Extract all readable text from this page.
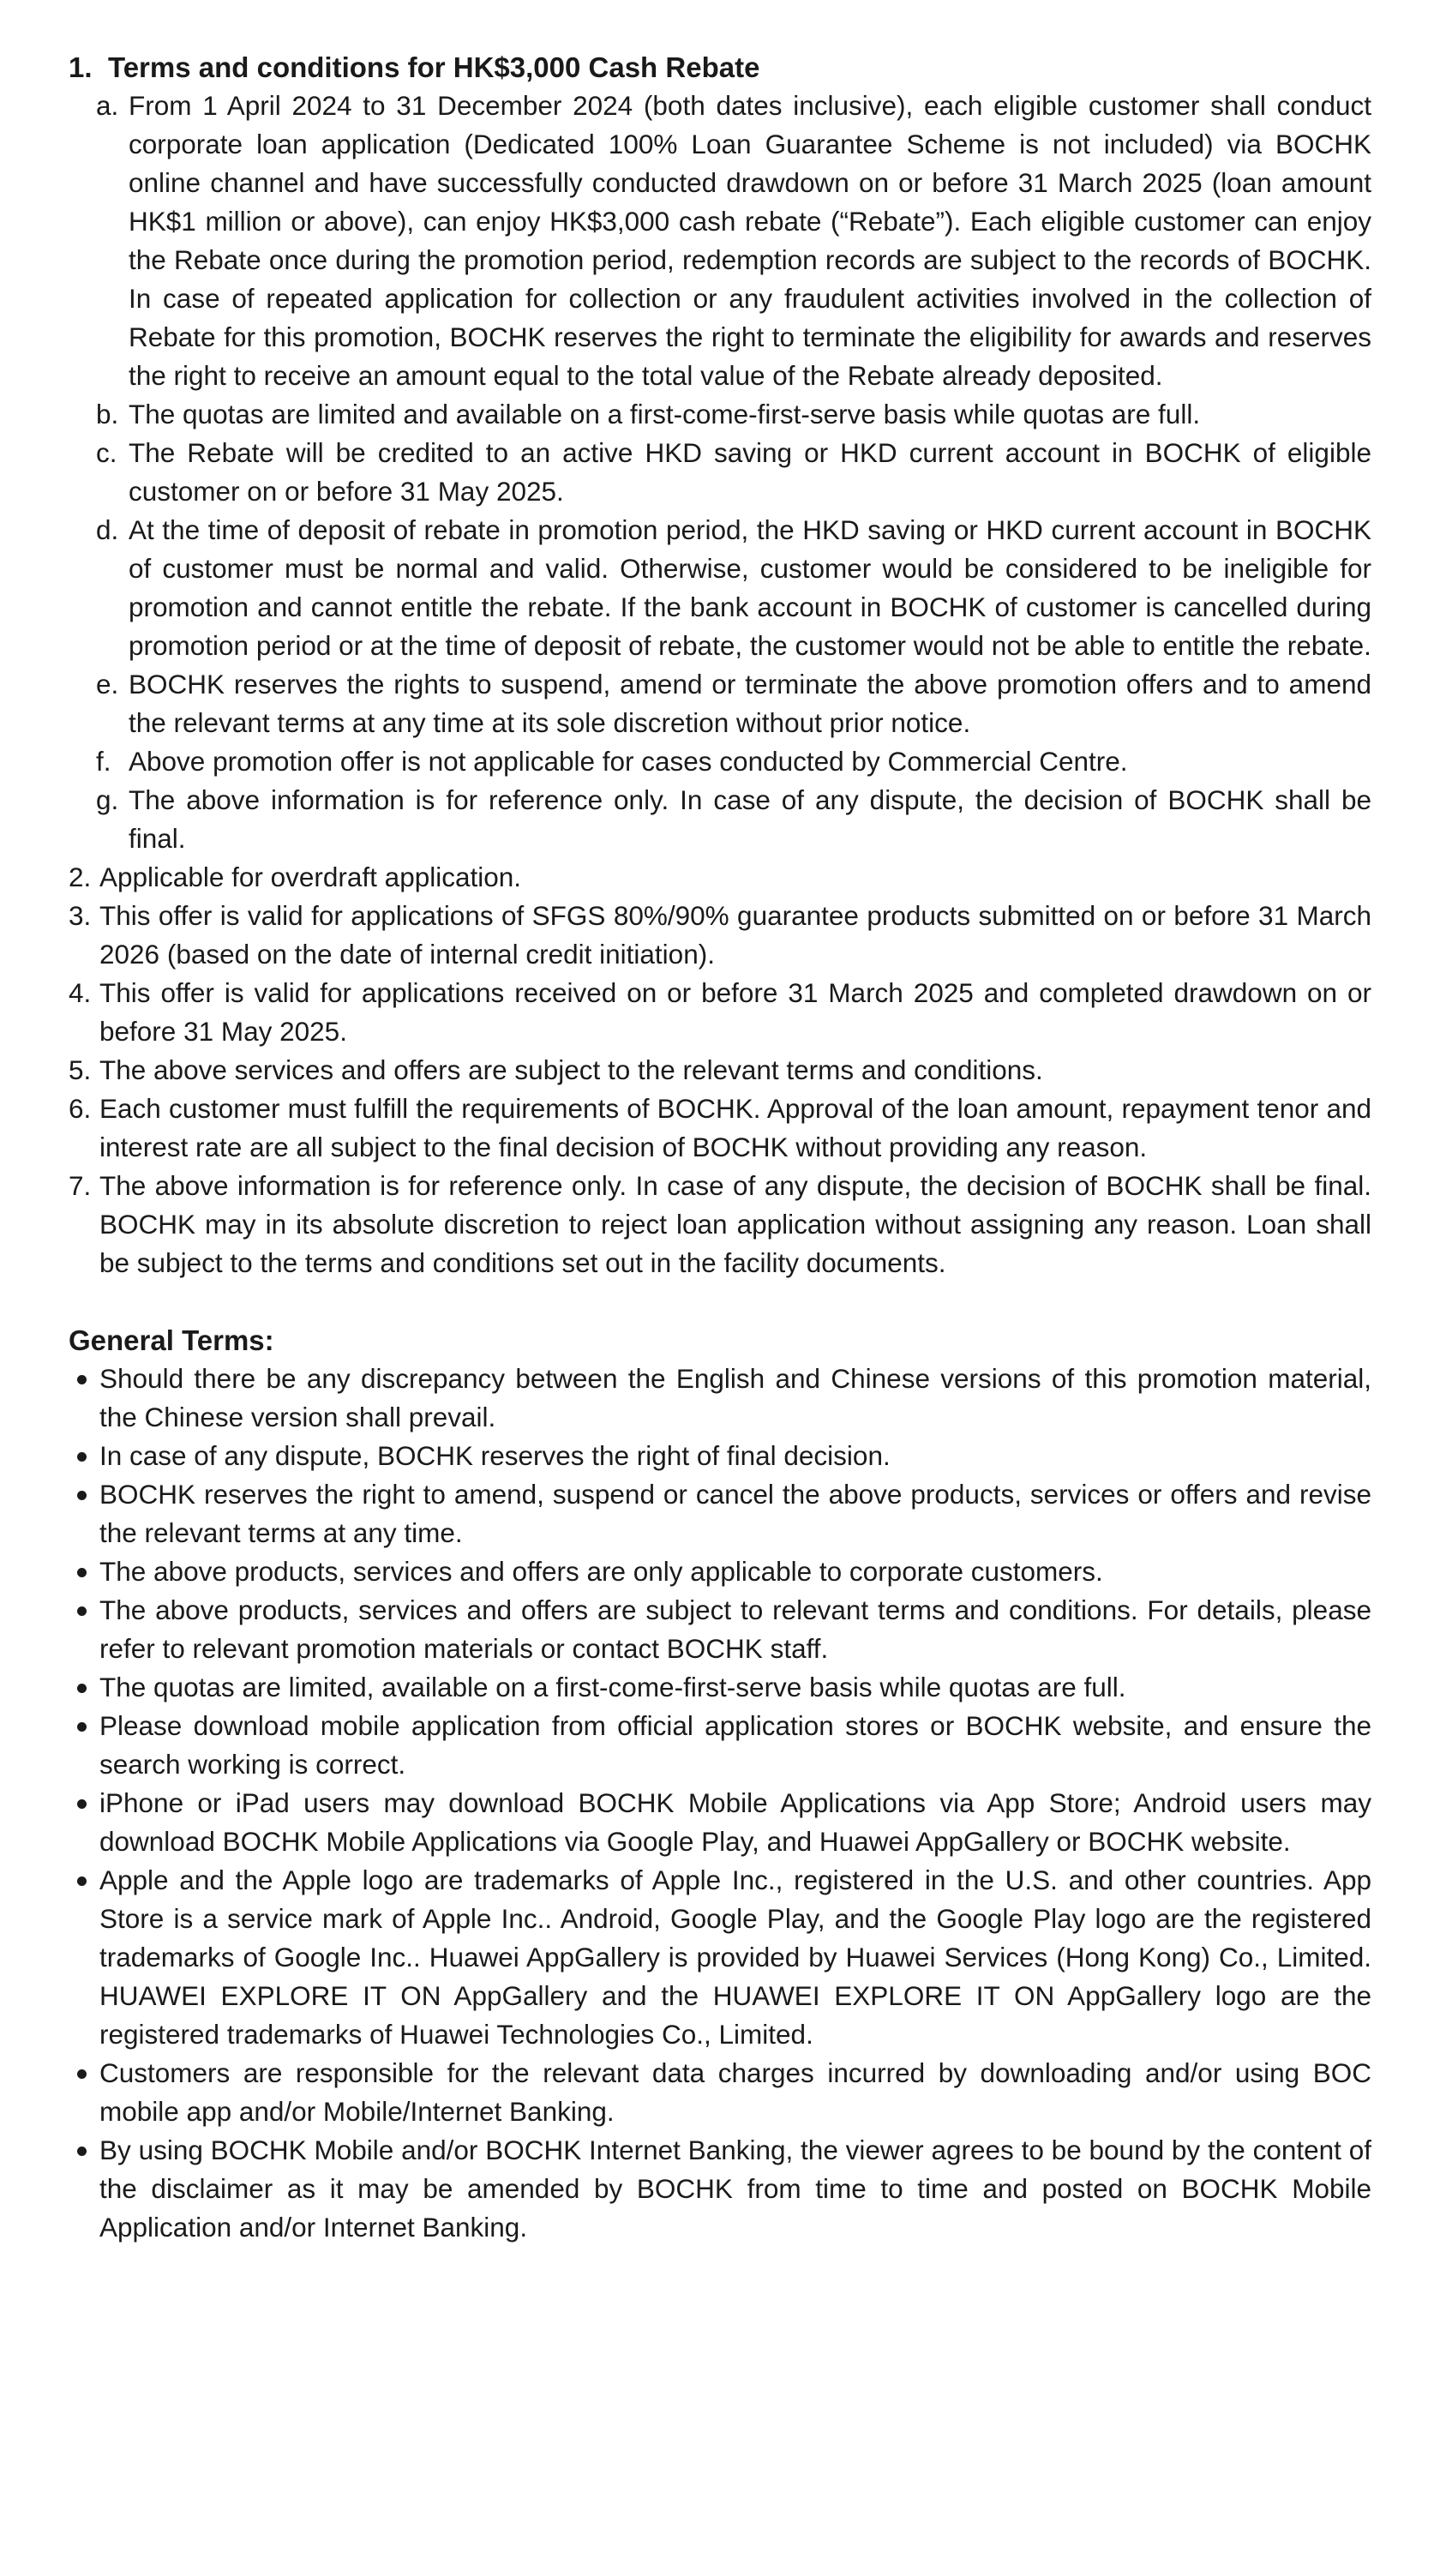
1. Terms and conditions for HK$3,000 Cash Rebate
a. From 1 April 2024 to 31 December 2024 (both dates inclusive), each eligible customer shall conduct corporate loan application (Dedicated 100% Loan Guarantee Scheme is not included) via BOCHK online channel and have successfully conducted drawdown on or before 31 March 2025 (loan amount HK$1 million or above), can enjoy HK$3,000 cash rebate (“Rebate”). Each eligible customer can enjoy the Rebate once during the promotion period, redemption records are subject to the records of BOCHK. In case of repeated application for collection or any fraudulent activities involved in the collection of Rebate for this promotion, BOCHK reserves the right to terminate the eligibility for awards and reserves the right to receive an amount equal to the total value of the Rebate already deposited.
b. The quotas are limited and available on a first-come-first-serve basis while quotas are full.
c. The Rebate will be credited to an active HKD saving or HKD current account in BOCHK of eligible customer on or before 31 May 2025.
d. At the time of deposit of rebate in promotion period, the HKD saving or HKD current account in BOCHK of customer must be normal and valid. Otherwise, customer would be considered to be ineligible for promotion and cannot entitle the rebate. If the bank account in BOCHK of customer is cancelled during promotion period or at the time of deposit of rebate, the customer would not be able to entitle the rebate.
e. BOCHK reserves the rights to suspend, amend or terminate the above promotion offers and to amend the relevant terms at any time at its sole discretion without prior notice.
f. Above promotion offer is not applicable for cases conducted by Commercial Centre.
g. The above information is for reference only. In case of any dispute, the decision of BOCHK shall be final.
2. Applicable for overdraft application.
3. This offer is valid for applications of SFGS 80%/90% guarantee products submitted on or before 31 March 2026 (based on the date of internal credit initiation).
4. This offer is valid for applications received on or before 31 March 2025 and completed drawdown on or before 31 May 2025.
5. The above services and offers are subject to the relevant terms and conditions.
6. Each customer must fulfill the requirements of BOCHK. Approval of the loan amount, repayment tenor and interest rate are all subject to the final decision of BOCHK without providing any reason.
7. The above information is for reference only. In case of any dispute, the decision of BOCHK shall be final. BOCHK may in its absolute discretion to reject loan application without assigning any reason. Loan shall be subject to the terms and conditions set out in the facility documents.
General Terms:
Should there be any discrepancy between the English and Chinese versions of this promotion material, the Chinese version shall prevail.
In case of any dispute, BOCHK reserves the right of final decision.
BOCHK reserves the right to amend, suspend or cancel the above products, services or offers and revise the relevant terms at any time.
The above products, services and offers are only applicable to corporate customers.
The above products, services and offers are subject to relevant terms and conditions. For details, please refer to relevant promotion materials or contact BOCHK staff.
The quotas are limited, available on a first-come-first-serve basis while quotas are full.
Please download mobile application from official application stores or BOCHK website, and ensure the search working is correct.
iPhone or iPad users may download BOCHK Mobile Applications via App Store; Android users may download BOCHK Mobile Applications via Google Play, and Huawei AppGallery or BOCHK website.
Apple and the Apple logo are trademarks of Apple Inc., registered in the U.S. and other countries. App Store is a service mark of Apple Inc.. Android, Google Play, and the Google Play logo are the registered trademarks of Google Inc.. Huawei AppGallery is provided by Huawei Services (Hong Kong) Co., Limited. HUAWEI EXPLORE IT ON AppGallery and the HUAWEI EXPLORE IT ON AppGallery logo are the registered trademarks of Huawei Technologies Co., Limited.
Customers are responsible for the relevant data charges incurred by downloading and/or using BOC mobile app and/or Mobile/Internet Banking.
By using BOCHK Mobile and/or BOCHK Internet Banking, the viewer agrees to be bound by the content of the disclaimer as it may be amended by BOCHK from time to time and posted on BOCHK Mobile Application and/or Internet Banking.
